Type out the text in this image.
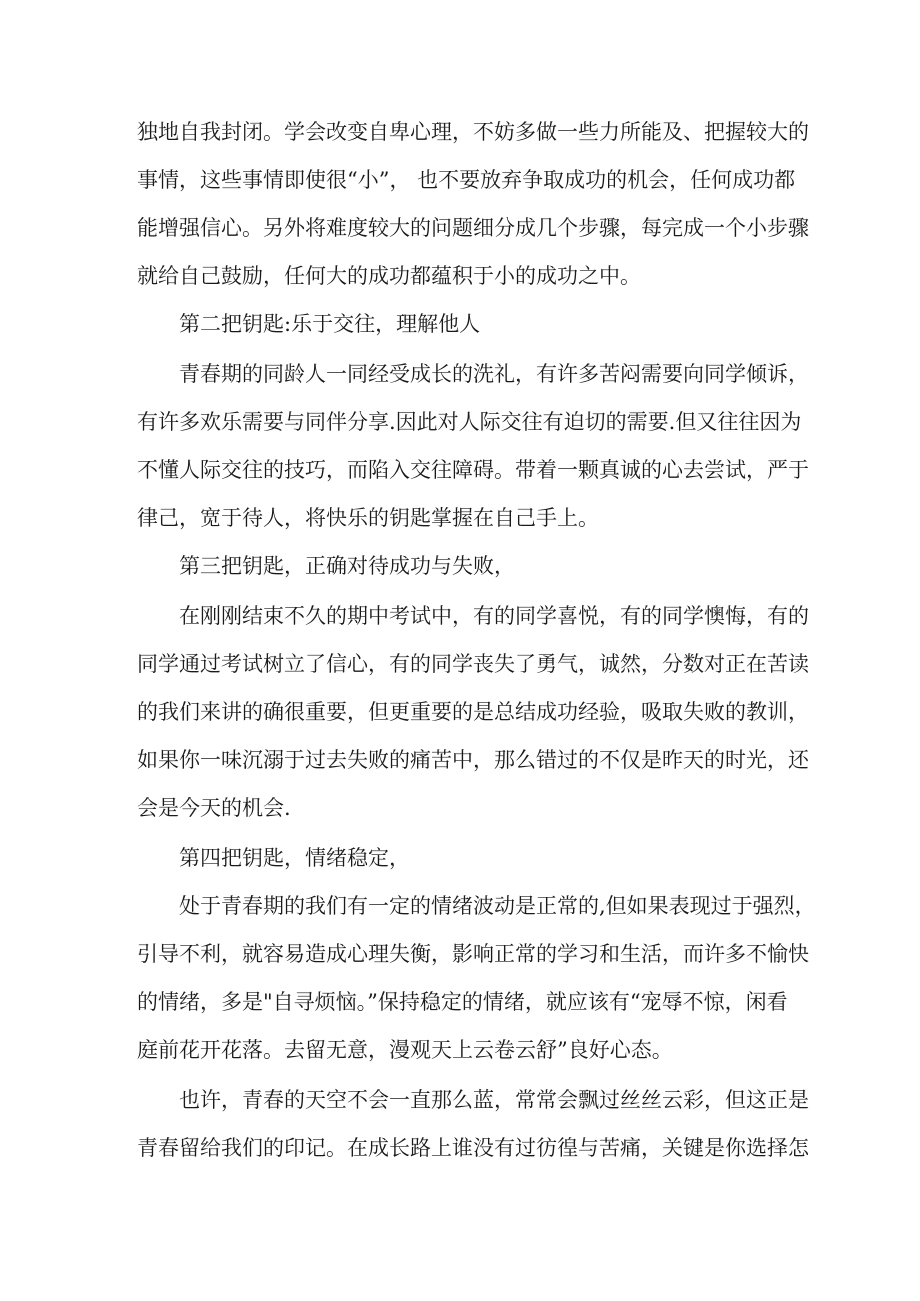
独地自我封闭。学会改变自卑心理，不妨多做一些力所能及、把握较大的
事情，这些事情即使很“小”， 也不要放弃争取成功的机会，任何成功都
能增强信心。另外将难度较大的问题细分成几个步骤，每完成一个小步骤
就给自己鼓励，任何大的成功都蕴积于小的成功之中。
第二把钥匙:乐于交往，理解他人
青春期的同龄人一同经受成长的洗礼，有许多苦闷需要向同学倾诉，
有许多欢乐需要与同伴分享.因此对人际交往有迫切的需要.但又往往因为
不懂人际交往的技巧，而陷入交往障碍。带着一颗真诚的心去尝试，严于
律己，宽于待人，将快乐的钥匙掌握在自己手上。
第三把钥匙，正确对待成功与失败，
在刚刚结束不久的期中考试中，有的同学喜悦，有的同学懊悔，有的
同学通过考试树立了信心，有的同学丧失了勇气，诚然，分数对正在苦读
的我们来讲的确很重要，但更重要的是总结成功经验，吸取失败的教训，
如果你一味沉溺于过去失败的痛苦中，那么错过的不仅是昨天的时光，还
会是今天的机会.
第四把钥匙，情绪稳定，
处于青春期的我们有一定的情绪波动是正常的,但如果表现过于强烈，
引导不利，就容易造成心理失衡，影响正常的学习和生活，而许多不愉快
的情绪，多是"自寻烦恼。”保持稳定的情绪，就应该有“宠辱不惊，闲看
庭前花开花落。去留无意，漫观天上云卷云舒”良好心态。
也许，青春的天空不会一直那么蓝，常常会飘过丝丝云彩，但这正是
青春留给我们的印记。在成长路上谁没有过彷徨与苦痛，关键是你选择怎
